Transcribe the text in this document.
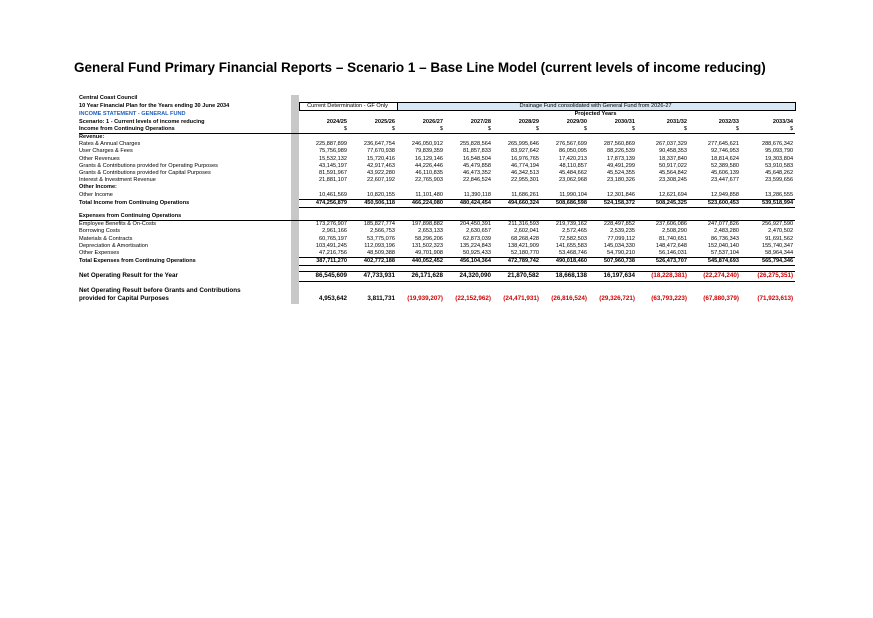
General Fund Primary Financial Reports – Scenario 1 – Base Line Model (current levels of income reducing)
Central Coast Council											
10 Year Financial Plan for the Years ending 30 June 2034		Current Determination - GF Only		Drainage Fund consolidated with General Fund from 2026-27							
INCOME STATEMENT - GENERAL FUND				Projected Years							
Scenario: 1 - Current levels of income reducing		2024/25	2025/26	2026/27	2027/28	2028/29	2029/30	2030/31	2031/32	2032/33	2033/34
Income from Continuing Operations		$	$	$	$	$	$	$	$	$	$
Revenue:											
Rates & Annual Charges		225,887,899	236,647,754	246,050,912	255,828,564	265,995,646	276,567,699	287,560,869	267,037,329	277,645,621	288,676,342
User Charges & Fees		75,756,989	77,670,938	79,839,359	81,857,833	83,927,642	86,050,095	88,226,539	90,458,353	92,746,953	95,093,790
Other Revenues		15,532,132	15,720,416	16,129,146	16,548,504	16,976,765	17,420,213	17,873,139	18,337,840	18,814,624	19,303,804
Grants & Contributions provided for Operating Purposes		43,145,197	42,917,463	44,226,446	45,479,858	46,774,194	48,110,857	49,491,299	50,917,022	52,389,580	53,910,583
Grants & Contributions provided for Capital Purposes		81,591,967	43,922,280	46,110,835	46,473,352	46,342,513	45,484,662	45,524,355	45,564,842	45,606,139	45,648,262
Interest & Investment Revenue		21,881,107	22,607,192	22,765,903	22,846,524	22,955,301	23,062,968	23,180,326	23,308,245	23,447,677	23,599,656
Other Income:											
Other Income		10,461,569	10,820,155	11,101,480	11,390,118	11,686,261	11,990,104	12,301,846	12,621,694	12,949,858	13,286,555
Total Income from Continuing Operations		474,256,879	450,506,118	466,224,080	480,424,454	494,660,324	508,686,598	524,158,372	508,245,325	523,600,453	539,518,994

Expenses from Continuing Operations											
Employee Benefits & On-Costs		173,276,907	185,827,774	197,898,882	204,450,391	211,316,593	219,739,162	228,497,852	237,606,086	247,077,826	256,927,590
Borrowing Costs		2,961,166	2,566,753	2,653,133	2,630,657	2,602,041	2,572,465	2,539,235	2,508,290	2,483,280	2,470,502
Materials & Contracts		60,765,197	53,775,076	58,296,206	62,873,039	68,268,428	72,582,503	77,099,112	81,740,651	86,736,343	91,691,562
Depreciation & Amortisation		103,491,245	112,093,196	131,502,323	135,224,843	138,421,909	141,655,583	145,034,330	148,472,648	152,040,140	155,740,347
Other Expenses		47,216,756	48,509,388	49,701,908	50,925,433	52,180,770	53,468,746	54,790,210	56,146,031	57,537,104	58,964,344
Total Expenses from Continuing Operations		387,711,270	402,772,188	440,052,452	456,104,364	472,789,742	490,018,460	507,960,738	526,473,707	545,874,693	565,794,346

Net Operating Result for the Year		86,545,609	47,733,931	26,171,628	24,320,090	21,870,582	18,668,138	16,197,634	(18,228,381)	(22,274,240)	(26,275,351)

Net Operating Result before Grants and Contributions											
provided for Capital Purposes		4,953,642	3,811,731	(19,939,207)	(22,152,962)	(24,471,931)	(26,816,524)	(29,326,721)	(63,793,223)	(67,880,379)	(71,923,613)
